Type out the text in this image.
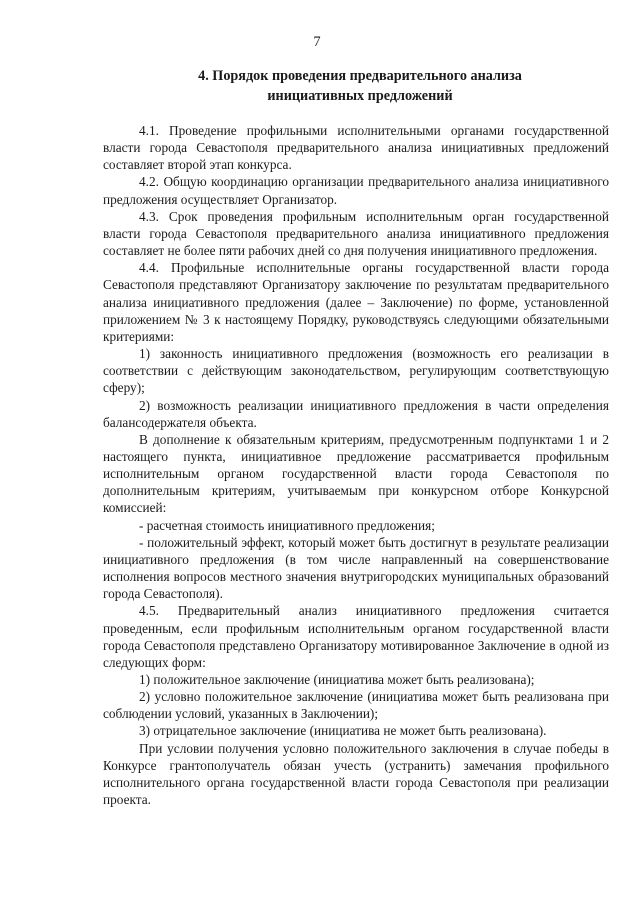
7
4. Порядок проведения предварительного анализа
инициативных предложений

4.1. Проведение профильными исполнительными органами государственной власти города Севастополя предварительного анализа инициативных предложений составляет второй этап конкурса.

4.2. Общую координацию организации предварительного анализа инициативного предложения осуществляет Организатор.

4.3. Срок проведения профильным исполнительным орган государственной власти города Севастополя предварительного анализа инициативного предложения составляет не более пяти рабочих дней со дня получения инициативного предложения.

4.4. Профильные исполнительные органы государственной власти города Севастополя представляют Организатору заключение по результатам предварительного анализа инициативного предложения (далее – Заключение) по форме, установленной приложением № 3 к настоящему Порядку, руководствуясь следующими обязательными критериями:

1) законность инициативного предложения (возможность его реализации в соответствии с действующим законодательством, регулирующим соответствующую сферу);

2) возможность реализации инициативного предложения в части определения балансодержателя объекта.

В дополнение к обязательным критериям, предусмотренным подпунктами 1 и 2 настоящего пункта, инициативное предложение рассматривается профильным исполнительным органом государственной власти города Севастополя по дополнительным критериям, учитываемым при конкурсном отборе Конкурсной комиссией:

- расчетная стоимость инициативного предложения;

- положительный эффект, который может быть достигнут в результате реализации инициативного предложения (в том числе направленный на совершенствование исполнения вопросов местного значения внутригородских муниципальных образований города Севастополя).

4.5. Предварительный анализ инициативного предложения считается проведенным, если профильным исполнительным органом государственной власти города Севастополя представлено Организатору мотивированное Заключение в одной из следующих форм:

1) положительное заключение (инициатива может быть реализована);

2) условно положительное заключение (инициатива может быть реализована при соблюдении условий, указанных в Заключении);

3) отрицательное заключение (инициатива не может быть реализована).

При условии получения условно положительного заключения в случае победы в Конкурсе грантополучатель обязан учесть (устранить) замечания профильного исполнительного органа государственной власти города Севастополя при реализации проекта.
